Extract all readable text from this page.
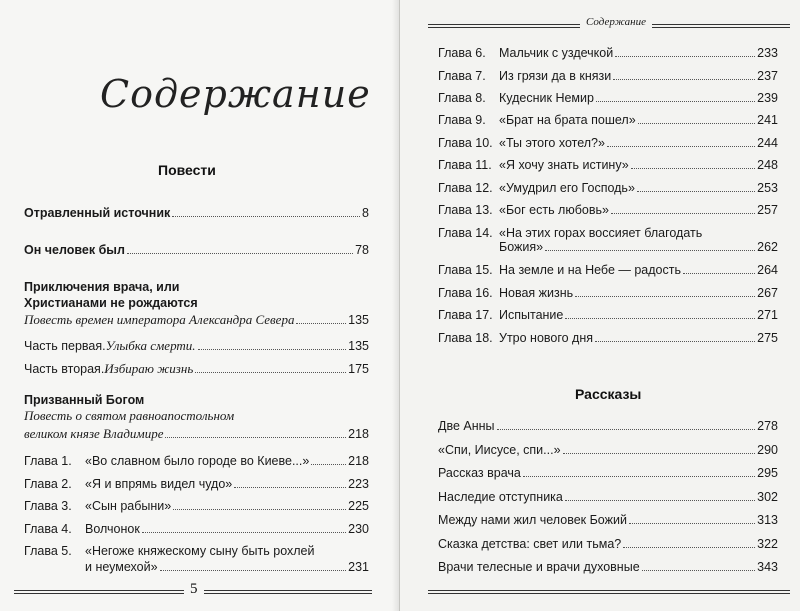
Содержание
Повести
Отравленный источник	8
Он человек был	78
Приключения врача, или
Христианами не рождаются
Повесть времен императора Александра Севера	135
Часть первая. Улыбка смерти.	135
Часть вторая. Избираю жизнь	175
Призванный Богом
Повесть о святом равноапостольном
великом князе Владимире	218
Глава 1.	«Во славном было городе во Киеве...»	218
Глава 2.	«Я и впрямь видел чудо»	223
Глава 3.	«Сын рабыни»	225
Глава 4.	Волчонок	230
Глава 5. «Негоже княжескому сыну быть рохлей
и неумехой»	231
5
Содержание
Глава 6.	Мальчик с уздечкой	233
Глава 7.	Из грязи да в князи	237
Глава 8.	Кудесник Немир	239
Глава 9.	«Брат на брата пошел»	241
Глава 10. «Ты этого хотел?»	244
Глава 11. «Я хочу знать истину»	248
Глава 12. «Умудрил его Господь»	253
Глава 13. «Бог есть любовь»	257
Глава 14. «На этих горах воссияет благодать
Божия»	262
Глава 15. На земле и на Небе — радость	264
Глава 16. Новая жизнь	267
Глава 17. Испытание	271
Глава 18. Утро нового дня	275
Рассказы
Две Анны	278
«Спи, Иисусе, спи...»	290
Рассказ врача	295
Наследие отступника	302
Между нами жил человек Божий	313
Сказка детства: свет или тьма?	322
Врачи телесные и врачи духовные	343
